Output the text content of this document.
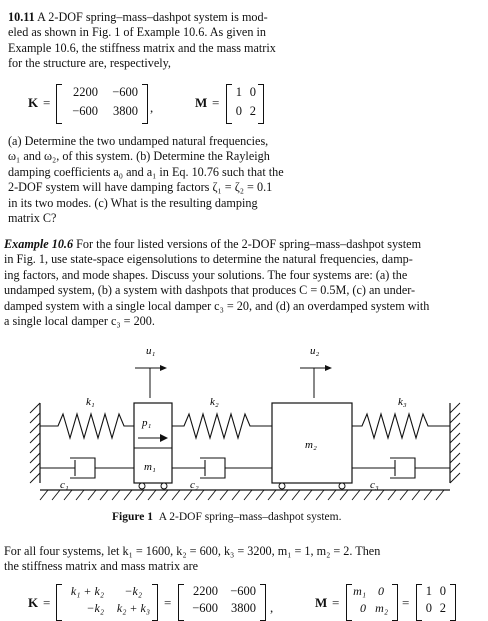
10.11 A 2-DOF spring–mass–dashpot system is mod-
eled as shown in Fig. 1 of Example 10.6. As given in
Example 10.6, the stiffness matrix and the mass matrix
for the structure are, respectively,
K =
2200	−600
−600	3800 ,	M =
1 0
0 2
(a) Determine the two undamped natural frequencies,
ω₁ and ω₂, of this system. (b) Determine the Rayleigh
damping coefficients a₀ and a₁ in Eq. 10.76 such that the
2-DOF system will have damping factors ζ₁ = ζ₂ = 0.1
in its two modes. (c) What is the resulting damping
matrix C?
Example 10.6 For the four listed versions of the 2-DOF spring–mass–dashpot system
in Fig. 1, use state-space eigensolutions to determine the natural frequencies, damp-
ing factors, and mode shapes. Discuss your solutions. The four systems are: (a) the
undamped system, (b) a system with dashpots that produces C = 0.5M, (c) an under-
damped system with a single local damper c₃ = 20, and (d) an overdamped system with
a single local damper c₃ = 200.
u₁	u₂
k₁
c₁
p₁
m₁
k₂
c₂
m₂
k₃
c₃
Figure 1 A 2-DOF spring–mass–dashpot system.
For all four systems, let k₁ = 1600, k₂ = 600, k₃ = 3200, m₁ = 1, m₂ = 2. Then
the stiffness matrix and mass matrix are
K =
k₁ + k₂	−k₂
−k₂	k₂ + k₃ =
2200 −600
−600	3800 ,	M =
m₁	0
0 m₂ =
1 0
0 2
